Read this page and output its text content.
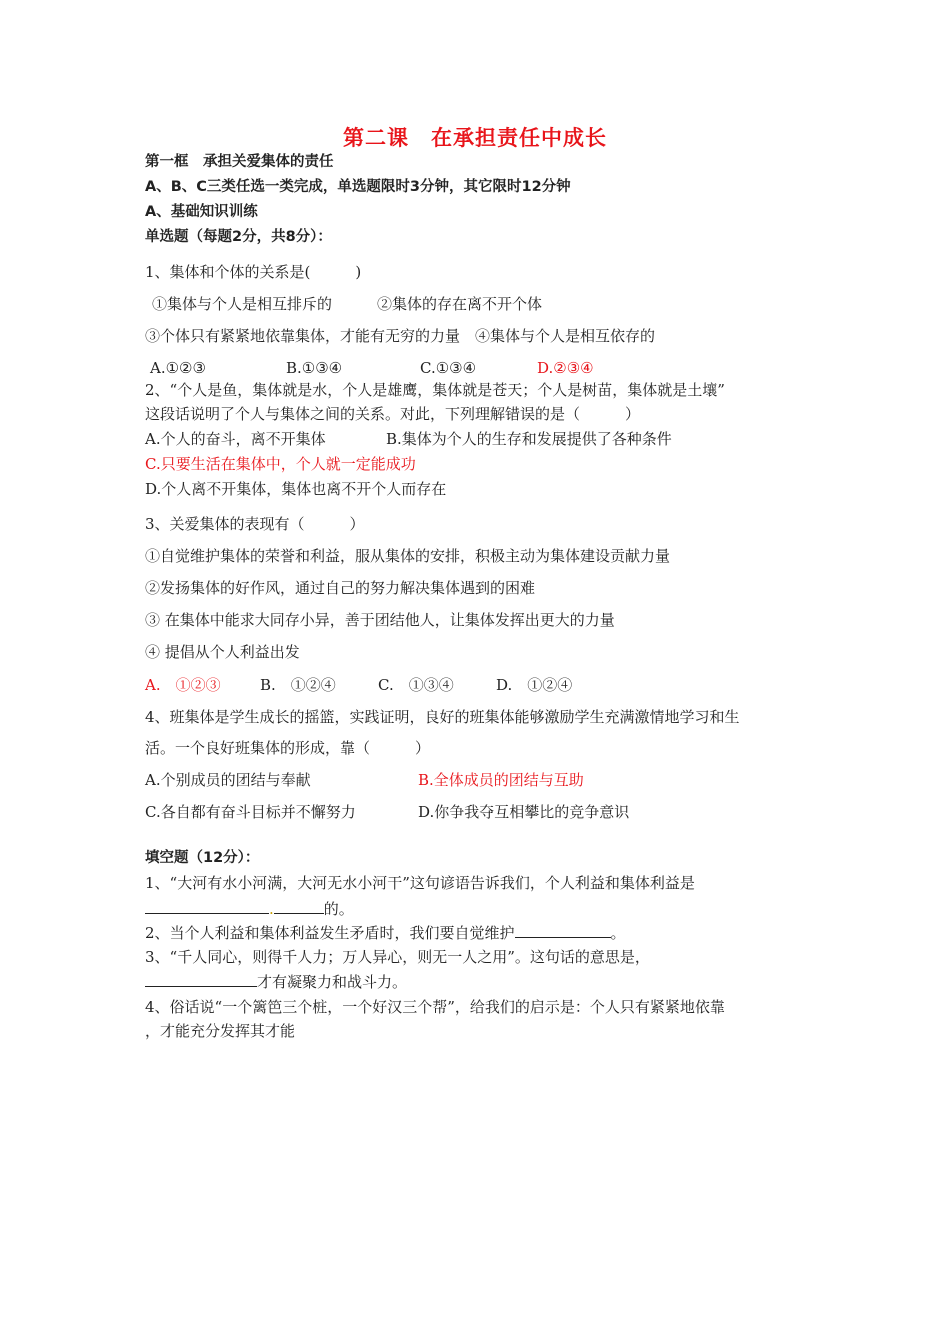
第二课　在承担责任中成长
第一框　承担关爱集体的责任
A、B、C三类任选一类完成，单选题限时3分钟，其它限时12分钟
A、基础知识训练
单选题（每题2分，共8分）：
1、集体和个体的关系是(　　　)
①集体与个人是相互排斥的　　　②集体的存在离不开个体
③个体只有紧紧地依靠集体，才能有无穷的力量　④集体与个人是相互依存的
A.①②③	B.①③④	C.①③④	D.②③④
2、“个人是鱼，集体就是水，个人是雄鹰，集体就是苍天；个人是树苗，集体就是土壤”
这段话说明了个人与集体之间的关系。对此，下列理解错误的是（　　　）
A.个人的奋斗，离不开集体	B.集体为个人的生存和发展提供了各种条件
C.只要生活在集体中，个人就一定能成功
D.个人离不开集体，集体也离不开个人而存在
3、关爱集体的表现有（　　　）
①自觉维护集体的荣誉和利益，服从集体的安排，积极主动为集体建设贡献力量
②发扬集体的好作风，通过自己的努力解决集体遇到的困难
③ 在集体中能求大同存小异，善于团结他人，让集体发挥出更大的力量
④ 提倡从个人利益出发
A.　①②③	B.　①②④	C.　①③④	D.　①②④
4、班集体是学生成长的摇篮，实践证明，良好的班集体能够激励学生充满激情地学习和生
活。一个良好班集体的形成，靠（　　　）
A.个别成员的团结与奉献	B.全体成员的团结与互助
C.各自都有奋斗目标并不懈努力	D.你争我夺互相攀比的竞争意识
填空题（12分）：
1、“大河有水小河满，大河无水小河干”这句谚语告诉我们，个人利益和集体利益是
.	的。
2、当个人利益和集体利益发生矛盾时，我们要自觉维护	。
3、“千人同心，则得千人力；万人异心，则无一人之用”。这句话的意思是，
才有凝聚力和战斗力。
4、俗话说“一个篱笆三个桩，一个好汉三个帮”，给我们的启示是：个人只有紧紧地依靠
，才能充分发挥其才能
